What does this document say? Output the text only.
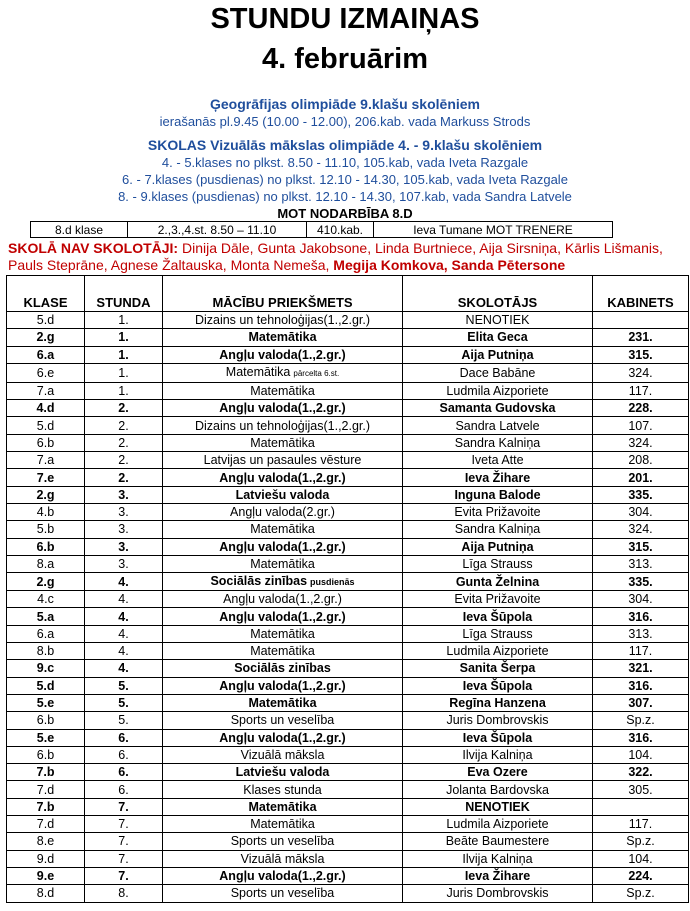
STUNDU IZMAIŅAS
4. februārim
Ģeogrāfijas olimpiāde 9.klašu skolēniem
ierašanās pl.9.45 (10.00 - 12.00), 206.kab. vada Markuss Strods
SKOLAS Vizuālās mākslas olimpiāde 4. - 9.klašu skolēniem
4. - 5.klases no plkst. 8.50 - 11.10, 105.kab, vada Iveta Razgale
6. - 7.klases (pusdienas) no plkst. 12.10 - 14.30, 105.kab, vada Iveta Razgale
8. - 9.klases (pusdienas) no plkst. 12.10 - 14.30, 107.kab, vada Sandra Latvele
MOT NODARBĪBA 8.D
8.d klase	2.,3.,4.st. 8.50 – 11.10	410.kab.	Ieva Tumane MOT TRENERE
SKOLĀ NAV SKOLOTĀJI: Dinija Dāle, Gunta Jakobsone, Linda Burtniece, Aija Sirsniņa, Kārlis Lišmanis, Pauls Steprāne, Agnese Žaltauska, Monta Nemeša, Megija Komkova, Sanda Pētersone
KLASE	STUNDA	MĀCĪBU PRIEKŠMETS	SKOLOTĀJS	KABINETS
5.d	1.	Dizains un tehnoloģijas(1.,2.gr.)	NENOTIEK	
2.g	1.	Matemātika	Elita Geca	231.
6.a	1.	Angļu valoda(1.,2.gr.)	Aija Putniņa	315.
6.e	1.	Matemātika pārcelta 6.st.	Dace Babāne	324.
7.a	1.	Matemātika	Ludmila Aizporiete	117.
4.d	2.	Angļu valoda(1.,2.gr.)	Samanta Gudovska	228.
5.d	2.	Dizains un tehnoloģijas(1.,2.gr.)	Sandra Latvele	107.
6.b	2.	Matemātika	Sandra Kalniņa	324.
7.a	2.	Latvijas un pasaules vēsture	Iveta Atte	208.
7.e	2.	Angļu valoda(1.,2.gr.)	Ieva Žihare	201.
2.g	3.	Latviešu valoda	Inguna Balode	335.
4.b	3.	Angļu valoda(2.gr.)	Evita Prižavoite	304.
5.b	3.	Matemātika	Sandra Kalniņa	324.
6.b	3.	Angļu valoda(1.,2.gr.)	Aija Putniņa	315.
8.a	3.	Matemātika	Līga Strauss	313.
2.g	4.	Sociālās zinības pusdienās	Gunta Želnina	335.
4.c	4.	Angļu valoda(1.,2.gr.)	Evita Prižavoite	304.
5.a	4.	Angļu valoda(1.,2.gr.)	Ieva Šūpola	316.
6.a	4.	Matemātika	Līga Strauss	313.
8.b	4.	Matemātika	Ludmila Aizporiete	117.
9.c	4.	Sociālās zinības	Sanita Šerpa	321.
5.d	5.	Angļu valoda(1.,2.gr.)	Ieva Šūpola	316.
5.e	5.	Matemātika	Regīna Hanzena	307.
6.b	5.	Sports un veselība	Juris Dombrovskis	Sp.z.
5.e	6.	Angļu valoda(1.,2.gr.)	Ieva Šūpola	316.
6.b	6.	Vizuālā māksla	Ilvija Kalniņa	104.
7.b	6.	Latviešu valoda	Eva Ozere	322.
7.d	6.	Klases stunda	Jolanta Bardovska	305.
7.b	7.	Matemātika	NENOTIEK	
7.d	7.	Matemātika	Ludmila Aizporiete	117.
8.e	7.	Sports un veselība	Beāte Baumestere	Sp.z.
9.d	7.	Vizuālā māksla	Ilvija Kalniņa	104.
9.e	7.	Angļu valoda(1.,2.gr.)	Ieva Žihare	224.
8.d	8.	Sports un veselība	Juris Dombrovskis	Sp.z.
